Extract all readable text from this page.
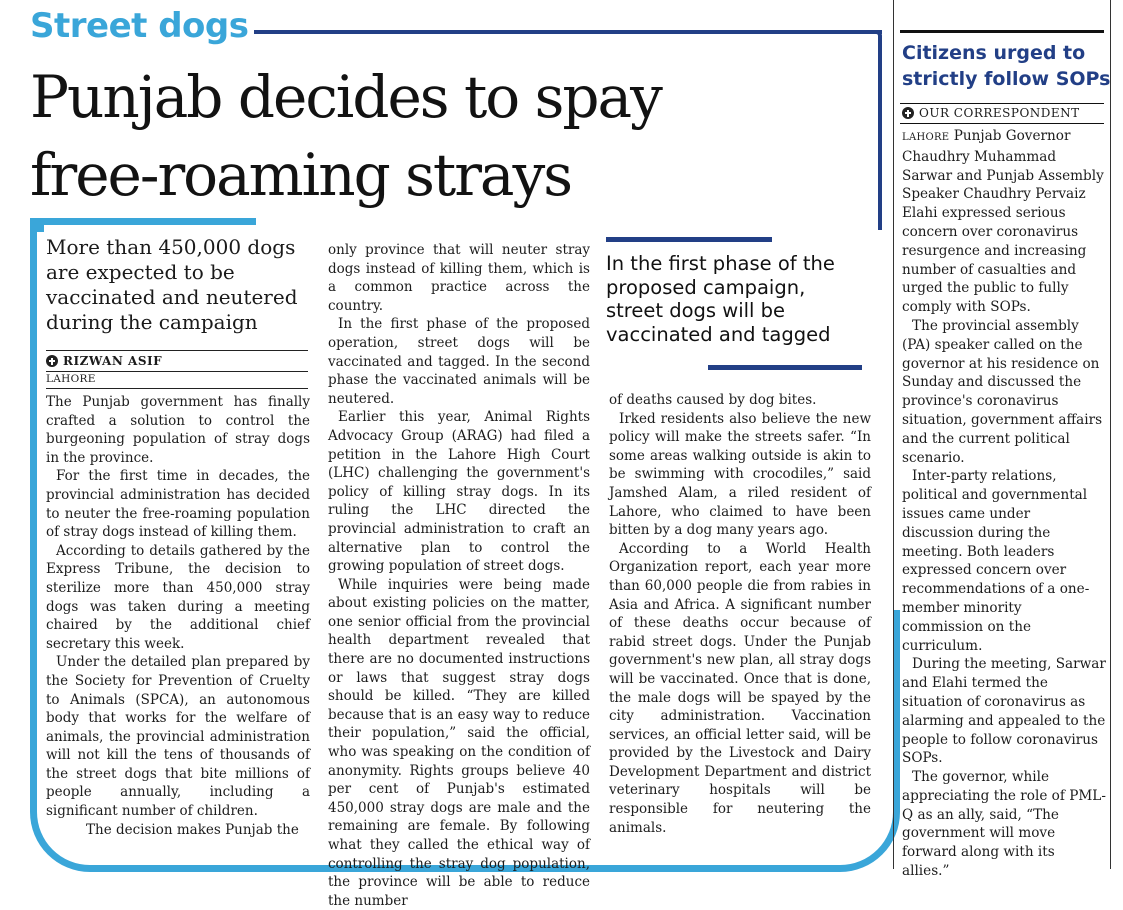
Street dogs
Punjab decides to spay
free-roaming strays
More than 450,000 dogs are expected to be vaccinated and neutered during the campaign
RIZWAN ASIF
LAHORE

The Punjab government has finally crafted a solution to control the burgeoning population of stray dogs in the province.

For the first time in decades, the provincial administration has decided to neuter the free-roaming population of stray dogs instead of killing them.

According to details gathered by the Express Tribune, the decision to sterilize more than 450,000 stray dogs was taken during a meeting chaired by the additional chief secretary this week.

Under the detailed plan prepared by the Society for Prevention of Cruelty to Animals (SPCA), an autonomous body that works for the welfare of animals, the provincial administration will not kill the tens of thousands of the street dogs that bite millions of people annually, including a significant number of children.

The decision makes Punjab the

only province that will neuter stray dogs instead of killing them, which is a common practice across the country.

In the first phase of the proposed operation, street dogs will be vaccinated and tagged. In the second phase the vaccinated animals will be neutered.

Earlier this year, Animal Rights Advocacy Group (ARAG) had filed a petition in the Lahore High Court (LHC) challenging the government's policy of killing stray dogs. In its ruling the LHC directed the provincial administration to craft an alternative plan to control the growing population of street dogs.

While inquiries were being made about existing policies on the matter, one senior official from the provincial health department revealed that there are no documented instructions or laws that suggest stray dogs should be killed. “They are killed because that is an easy way to reduce their population,” said the official, who was speaking on the condition of anonymity. Rights groups believe 40 per cent of Punjab's estimated 450,000 stray dogs are male and the remaining are female. By following what they called the ethical way of controlling the stray dog population, the province will be able to reduce the number

In the first phase of the proposed campaign, street dogs will be vaccinated and tagged

of deaths caused by dog bites.

Irked residents also believe the new policy will make the streets safer. “In some areas walking outside is akin to be swimming with crocodiles,” said Jamshed Alam, a riled resident of Lahore, who claimed to have been bitten by a dog many years ago.

According to a World Health Organization report, each year more than 60,000 people die from rabies in Asia and Africa. A significant number of these deaths occur because of rabid street dogs. Under the Punjab government's new plan, all stray dogs will be vaccinated. Once that is done, the male dogs will be spayed by the city administration. Vaccination services, an official letter said, will be provided by the Livestock and Dairy Development Department and district veterinary hospitals will be responsible for neutering the animals.

Citizens urged to strictly follow SOPs
OUR CORRESPONDENT

LAHORE Punjab Governor Chaudhry Muhammad Sarwar and Punjab Assembly Speaker Chaudhry Pervaiz Elahi expressed serious concern over coronavirus resurgence and increasing number of casualties and urged the public to fully comply with SOPs.

The provincial assembly (PA) speaker called on the governor at his residence on Sunday and discussed the province's coronavirus situation, government affairs and the current political scenario.

Inter-party relations, political and governmental issues came under discussion during the meeting. Both leaders expressed concern over recommendations of a one-member minority commission on the curriculum.

During the meeting, Sarwar and Elahi termed the situation of coronavirus as alarming and appealed to the people to follow coronavirus SOPs.

The governor, while appreciating the role of PML-Q as an ally, said, “The government will move forward along with its allies.”
